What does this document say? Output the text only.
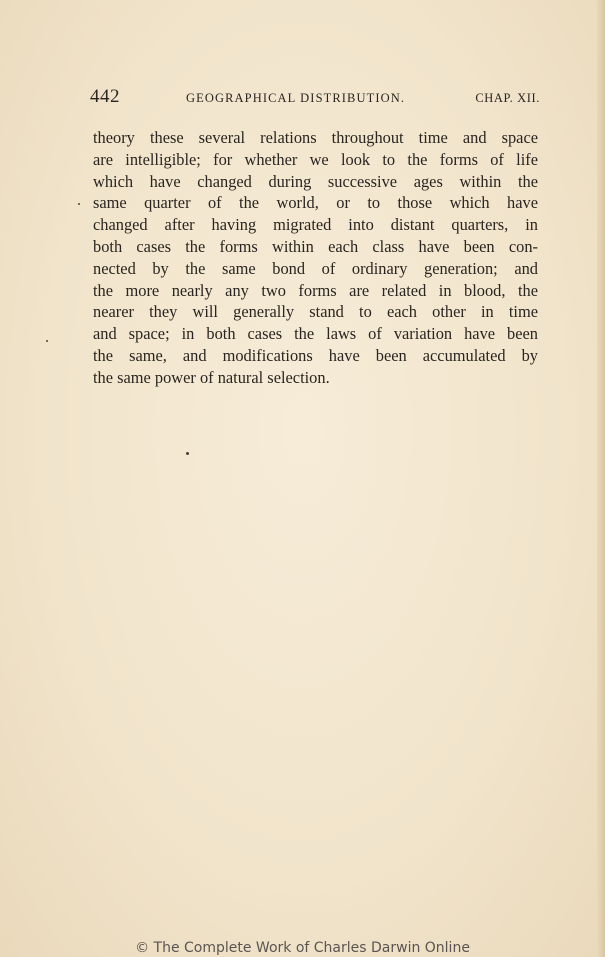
442	GEOGRAPHICAL DISTRIBUTION.	CHAP. XII.
theory these several relations throughout time and space
are intelligible; for whether we look to the forms of life
which have changed during successive ages within the
same quarter of the world, or to those which have
changed after having migrated into distant quarters, in
both cases the forms within each class have been con-
nected by the same bond of ordinary generation; and
the more nearly any two forms are related in blood, the
nearer they will generally stand to each other in time
and space; in both cases the laws of variation have been
the same, and modifications have been accumulated by
the same power of natural selection.
© The Complete Work of Charles Darwin Online
